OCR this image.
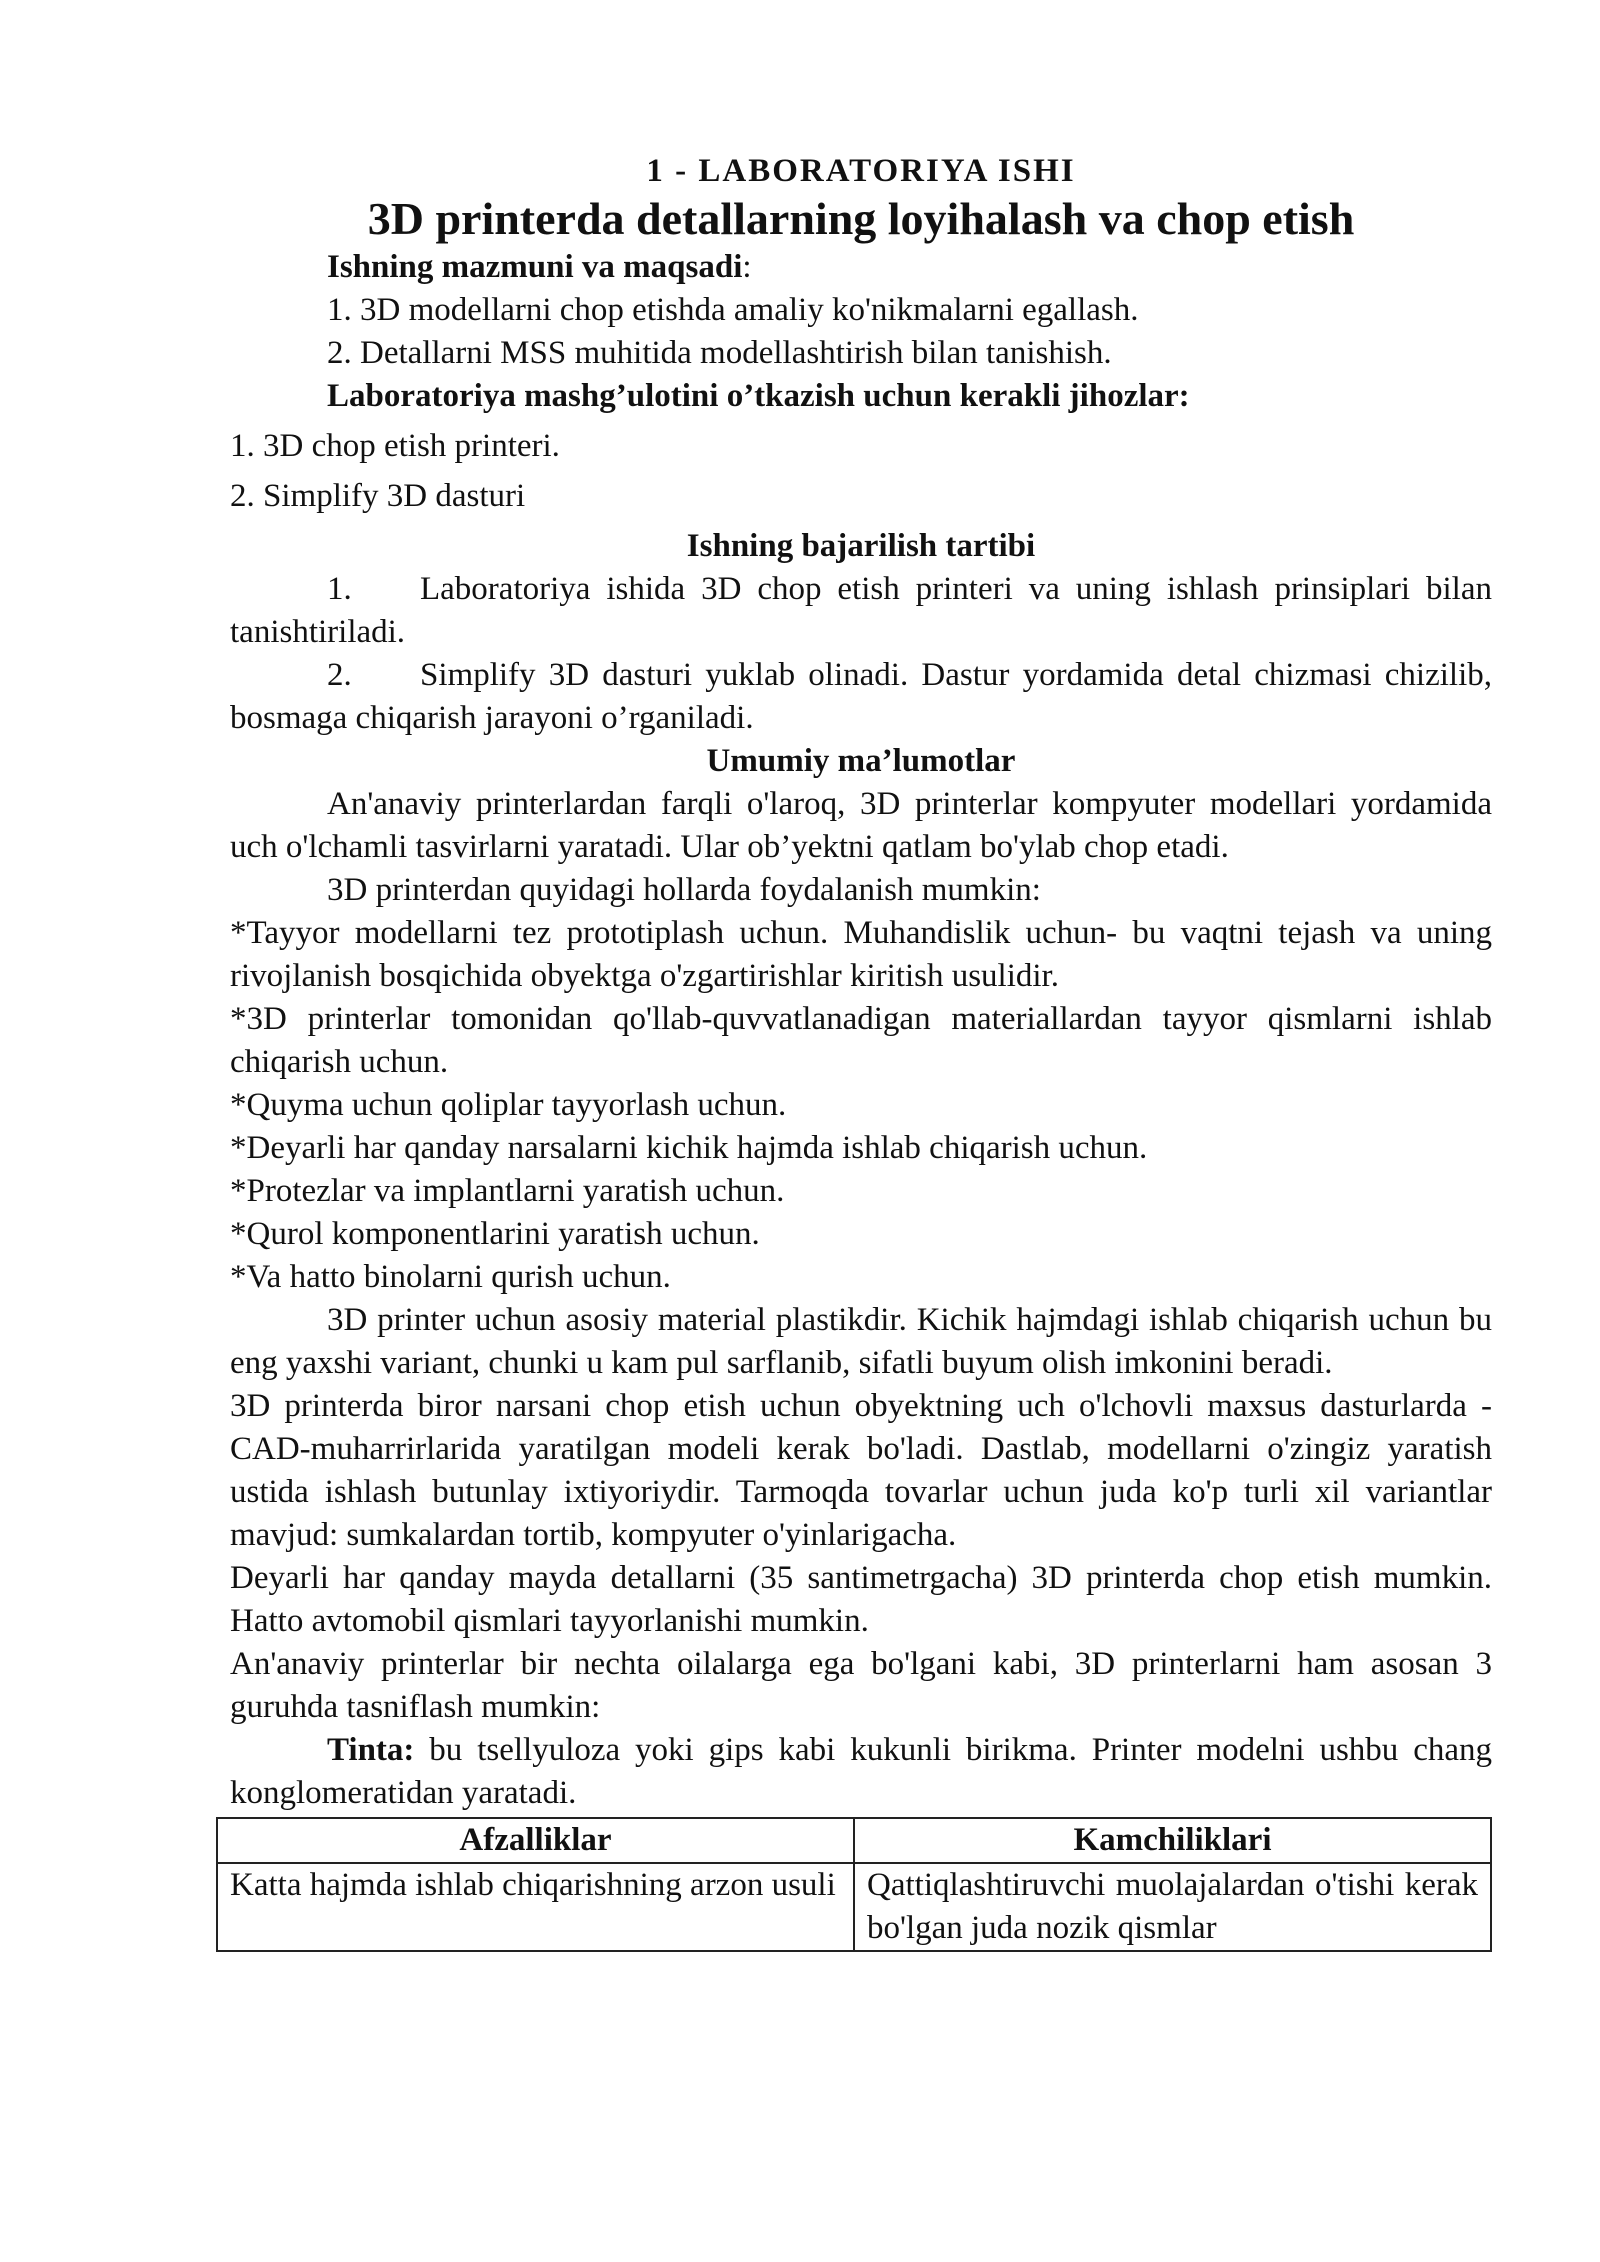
1 - LABORATORIYA ISHI

3D printerda detallarning loyihalash va chop etish

Ishning mazmuni va maqsadi:

1. 3D modellarni chop etishda amaliy ko'nikmalarni egallash.

2. Detallarni MSS muhitida modellashtirish bilan tanishish.

Laboratoriya mashg’ulotini o’tkazish uchun kerakli jihozlar:

1. 3D chop etish printeri.

2. Simplify 3D dasturi

Ishning bajarilish tartibi

1. Laboratoriya ishida 3D chop etish printeri va uning ishlash prinsiplari bilan tanishtiriladi.

2. Simplify 3D dasturi yuklab olinadi. Dastur yordamida detal chizmasi chizilib, bosmaga chiqarish jarayoni o’rganiladi.

Umumiy ma’lumotlar

An'anaviy printerlardan farqli o'laroq, 3D printerlar kompyuter modellari yordamida uch o'lchamli tasvirlarni yaratadi. Ular ob’yektni qatlam bo'ylab chop etadi.

3D printerdan quyidagi hollarda foydalanish mumkin:

*Tayyor modellarni tez prototiplash uchun. Muhandislik uchun- bu vaqtni tejash va uning rivojlanish bosqichida obyektga o'zgartirishlar kiritish usulidir.

*3D printerlar tomonidan qo'llab-quvvatlanadigan materiallardan tayyor qismlarni ishlab chiqarish uchun.

*Quyma uchun qoliplar tayyorlash uchun.

*Deyarli har qanday narsalarni kichik hajmda ishlab chiqarish uchun.

*Protezlar va implantlarni yaratish uchun.

*Qurol komponentlarini yaratish uchun.

*Va hatto binolarni qurish uchun.

3D printer uchun asosiy material plastikdir. Kichik hajmdagi ishlab chiqarish uchun bu eng yaxshi variant, chunki u kam pul sarflanib, sifatli buyum olish imkonini beradi.

3D printerda biror narsani chop etish uchun obyektning uch o'lchovli maxsus dasturlarda - CAD-muharrirlarida yaratilgan modeli kerak bo'ladi. Dastlab, modellarni o'zingiz yaratish ustida ishlash butunlay ixtiyoriydir. Tarmoqda tovarlar uchun juda ko'p turli xil variantlar mavjud: sumkalardan tortib, kompyuter o'yinlarigacha.

Deyarli har qanday mayda detallarni (35 santimetrgacha) 3D printerda chop etish mumkin. Hatto avtomobil qismlari tayyorlanishi mumkin.

An'anaviy printerlar bir nechta oilalarga ega bo'lgani kabi, 3D printerlarni ham asosan 3 guruhda tasniflash mumkin:

Tinta: bu tsellyuloza yoki gips kabi kukunli birikma. Printer modelni ushbu chang konglomeratidan yaratadi.

Afzalliklar	Kamchiliklari
Katta hajmda ishlab chiqarishning arzon usuli	Qattiqlashtiruvchi muolajalardan o'tishi kerak bo'lgan juda nozik qismlar
